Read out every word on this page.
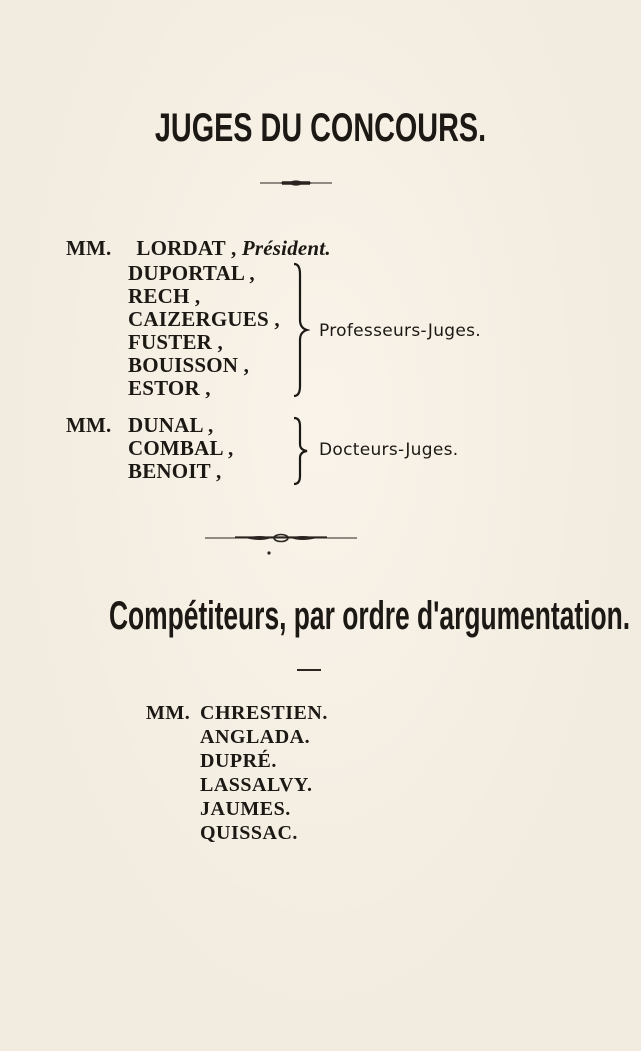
JUGES DU CONCOURS.
MM. LORDAT , Président.
DUPORTAL ,
RECH ,
CAIZERGUES ,
FUSTER ,
BOUISSON ,
ESTOR ,
Professeurs-Juges.
MM. DUNAL ,
COMBAL ,
BENOIT ,
Docteurs-Juges.
Compétiteurs, par ordre d'argumentation.
MM. CHRESTIEN.
ANGLADA.
DUPRÉ.
LASSALVY.
JAUMES.
QUISSAC.
